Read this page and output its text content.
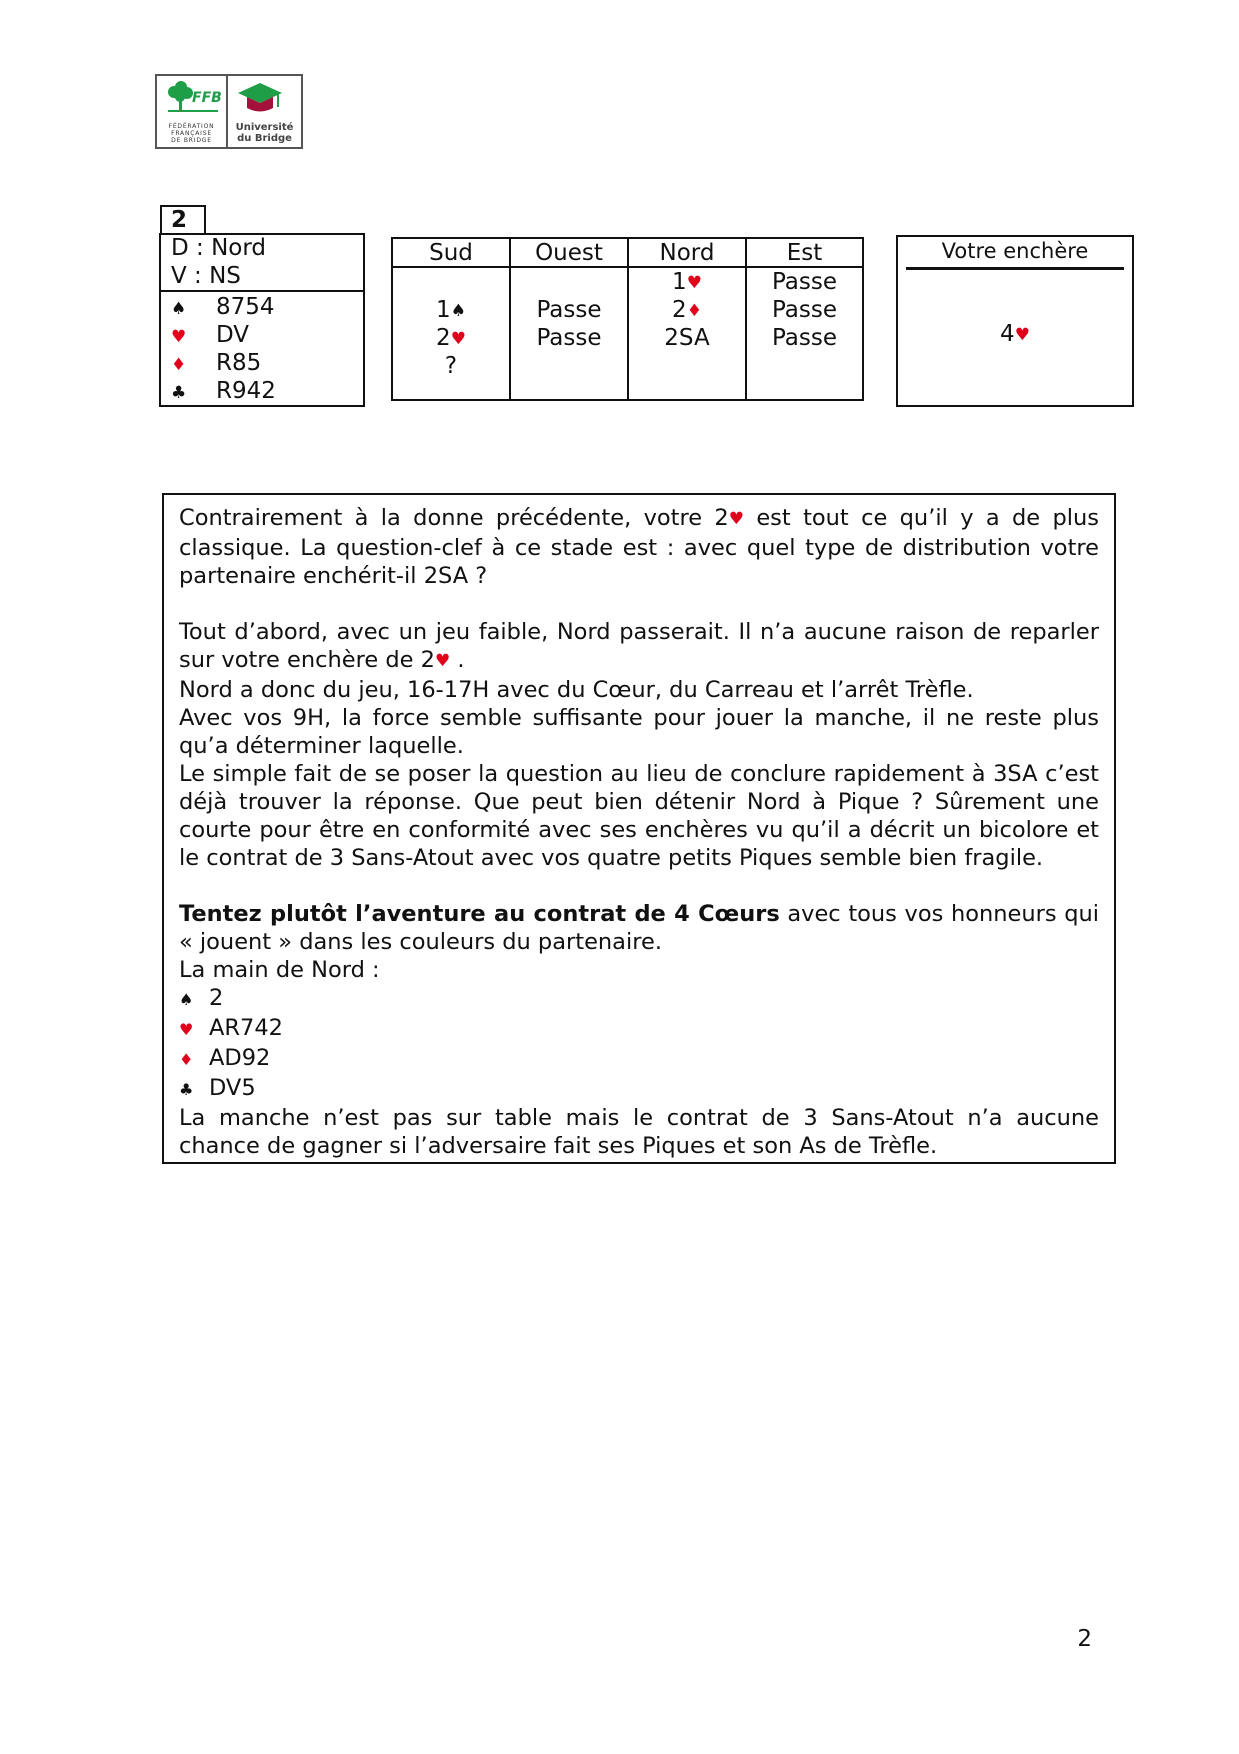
FFB
FÉDÉRATION
FRANÇAISE
DE BRIDGE
Université
du Bridge
2
D : Nord
V : NS
♠ 8754
♥ DV
♦ R85
♣ R942
Sud
1♠
2♥
?
Ouest
Passe
Passe
Nord
1♥
2♦
2SA
Est
Passe
Passe
Passe
Votre enchère
4♥

Contrairement à la donne précédente, votre 2♥ est tout ce qu’il y a de plus classique. La question-clef à ce stade est : avec quel type de distribution votre partenaire enchérit-il 2SA ?

Tout d’abord, avec un jeu faible, Nord passerait. Il n’a aucune raison de reparler sur votre enchère de 2♥ .

Nord a donc du jeu, 16-17H avec du Cœur, du Carreau et l’arrêt Trèfle.

Avec vos 9H, la force semble suffisante pour jouer la manche, il ne reste plus qu’a déterminer laquelle.

Le simple fait de se poser la question au lieu de conclure rapidement à 3SA c’est déjà trouver la réponse. Que peut bien détenir Nord à Pique ? Sûrement une courte pour être en conformité avec ses enchères vu qu’il a décrit un bicolore et le contrat de 3 Sans-Atout avec vos quatre petits Piques semble bien fragile.

Tentez plutôt l’aventure au contrat de 4 Cœurs avec tous vos honneurs qui « jouent » dans les couleurs du partenaire.

La main de Nord :

♠ 2
♥ AR742
♦ AD92
♣ DV5

La manche n’est pas sur table mais le contrat de 3 Sans-Atout n’a aucune chance de gagner si l’adversaire fait ses Piques et son As de Trèfle.

2
